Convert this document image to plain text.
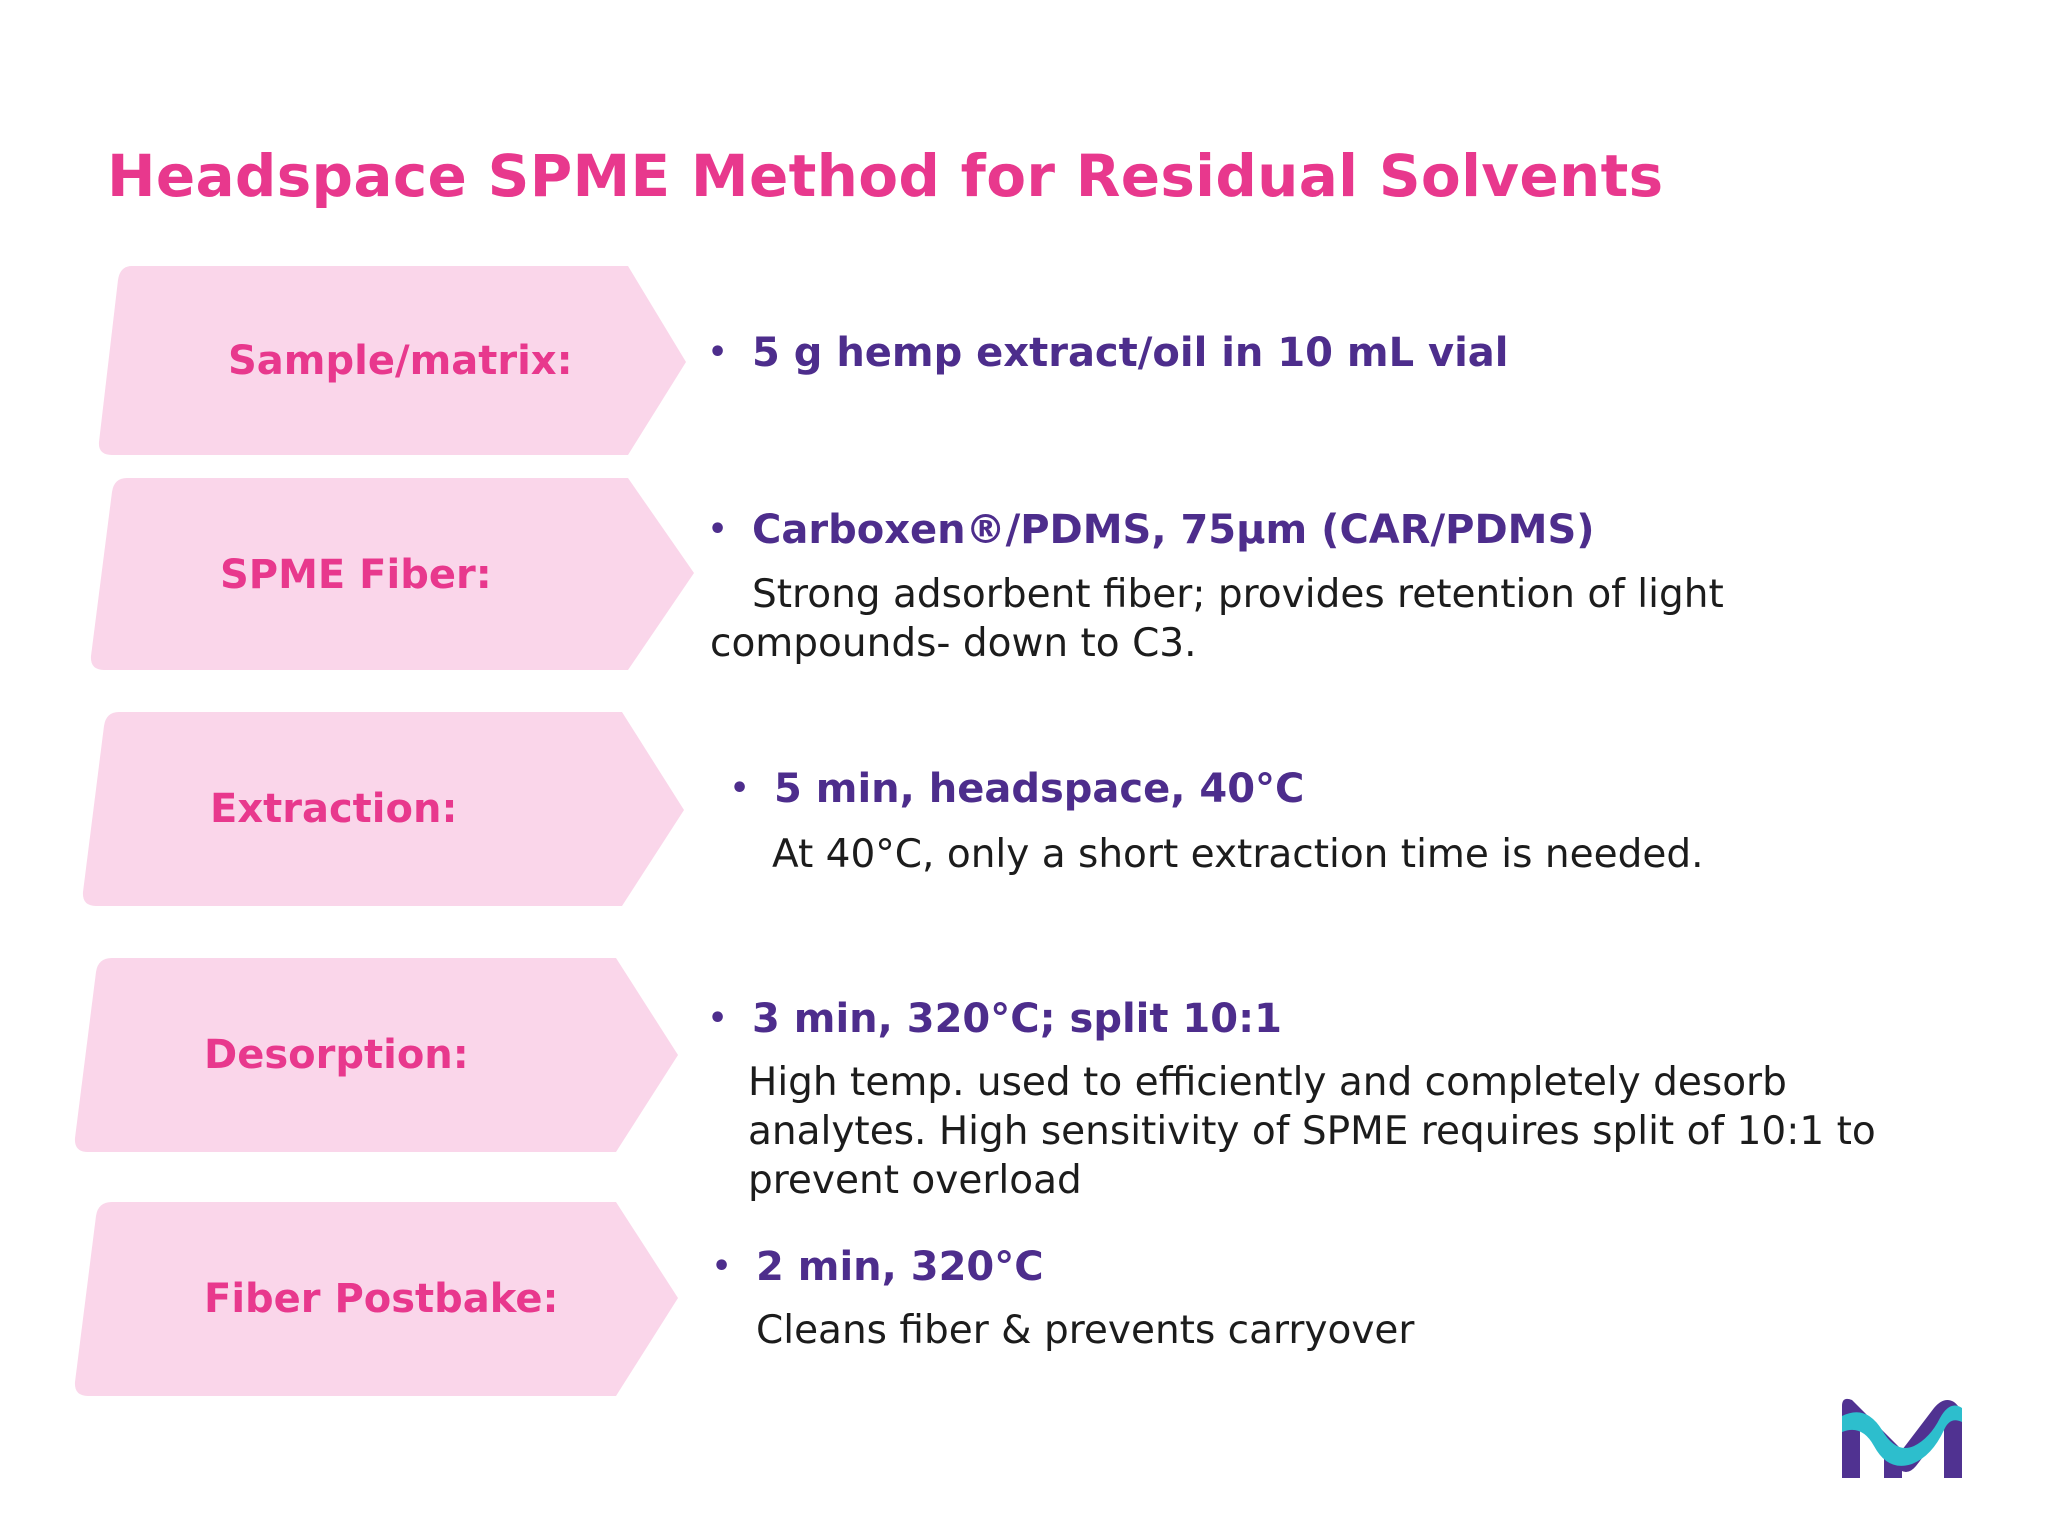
Headspace SPME Method for Residual Solvents
Sample/matrix:	• 5 g hemp extract/oil in 10 mL vial
SPME Fiber:
• Carboxen®/PDMS, 75µm (CAR/PDMS)

Strong adsorbent fiber; provides retention of light compounds- down to C3.

Extraction:	• 5 min, headspace, 40°C

At 40°C, only a short extraction time is needed.

Desorption:
• 3 min, 320°C; split 10:1

High temp. used to efficiently and completely desorb analytes. High sensitivity of SPME requires split of 10:1 to prevent overload

Fiber Postbake:
• 2 min, 320°C

Cleans fiber & prevents carryover
